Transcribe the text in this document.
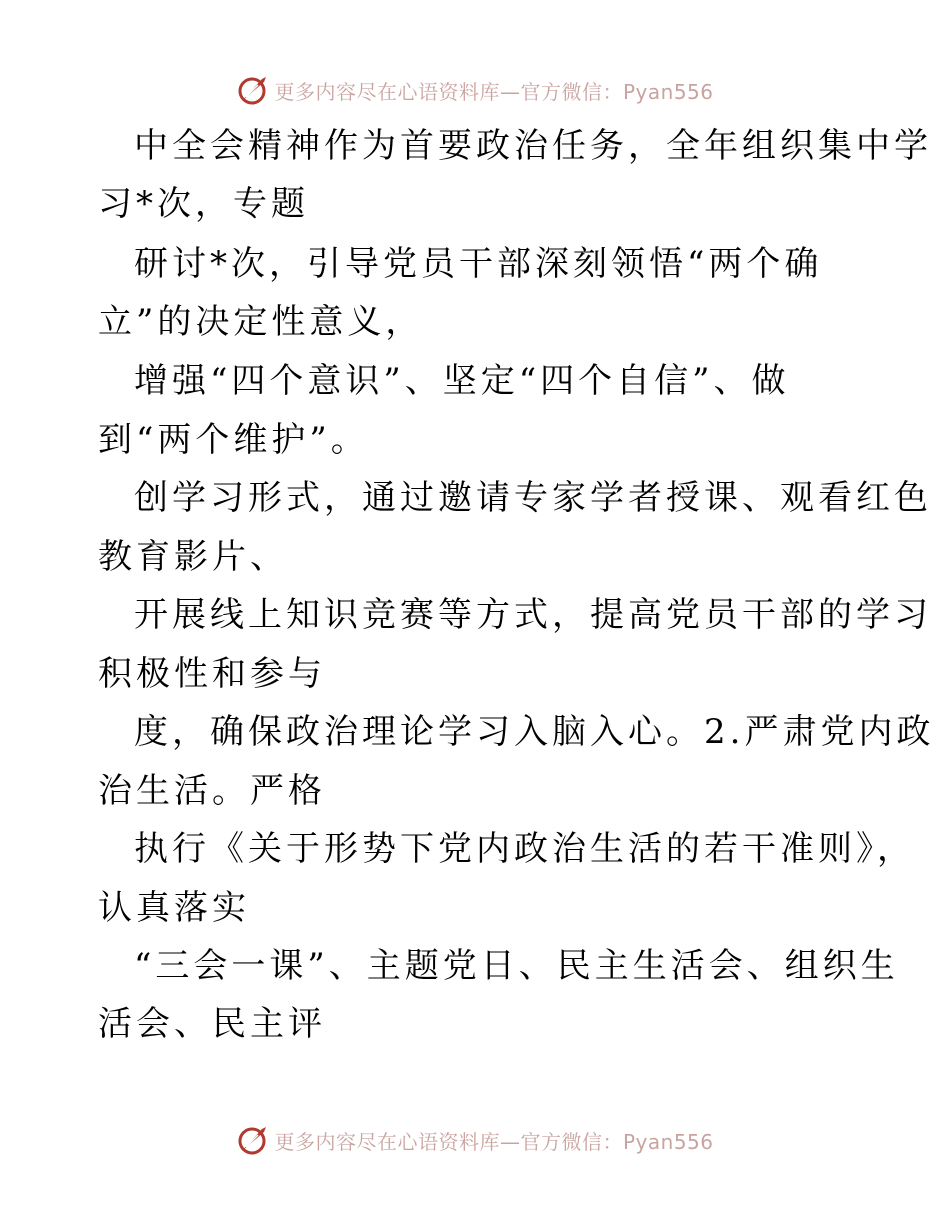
更多内容尽在心语资料库—官方微信：Pyan556
中全会精神作为首要政治任务，全年组织集中学
习*次，专题
研讨*次，引导党员干部深刻领悟“两个确
立”的决定性意义，
增强“四个意识”、坚定“四个自信”、做
到“两个维护”。
创学习形式，通过邀请专家学者授课、观看红色
教育影片、
开展线上知识竞赛等方式，提高党员干部的学习
积极性和参与
度，确保政治理论学习入脑入心。2.严肃党内政
治生活。严格
执行《关于形势下党内政治生活的若干准则》，
认真落实
“三会一课”、主题党日、民主生活会、组织生
活会、民主评
更多内容尽在心语资料库—官方微信：Pyan556
